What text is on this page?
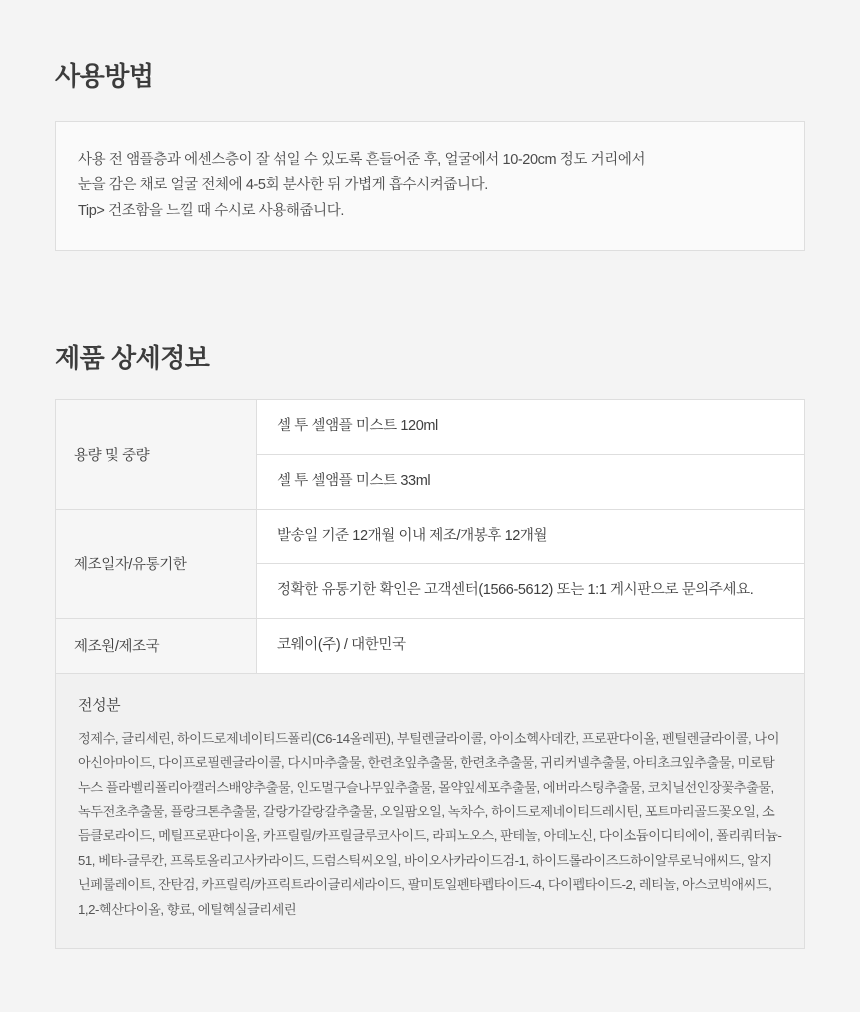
사용방법
사용 전 앰플층과 에센스층이 잘 섞일 수 있도록 흔들어준 후, 얼굴에서 10-20cm 정도 거리에서
눈을 감은 채로 얼굴 전체에 4-5회 분사한 뒤 가볍게 흡수시켜줍니다.
Tip> 건조함을 느낄 때 수시로 사용해줍니다.
제품 상세정보
용량 및 중량	셀 투 셀앰플 미스트 120ml
	셀 투 셀앰플 미스트 33ml
제조일자/유통기한	발송일 기준 12개월 이내 제조/개봉후 12개월
	정확한 유통기한 확인은 고객센터(1566-5612) 또는 1:1 게시판으로 문의주세요.
제조원/제조국	코웨이(주) / 대한민국
전성분
정제수, 글리세린, 하이드로제네이티드폴리(C6-14올레핀), 부틸렌글라이콜, 아이소헥사데칸, 프로판다이올, 펜틸렌글라이콜, 나이아신아마이드, 다이프로필렌글라이콜, 다시마추출물, 한련초잎추출물, 한련초추출물, 귀리커넬추출물, 아티초크잎추출물, 미로탐누스 플라벨리폴리아캘러스배양추출물, 인도멀구슬나무잎추출물, 몰약잎세포추출물, 에버라스팅추출물, 코치닐선인장꽃추출물, 녹두전초추출물, 플랑크톤추출물, 갈랑가갈랑갈추출물, 오일팜오일, 녹차수, 하이드로제네이티드레시틴, 포트마리골드꽃오일, 소듬클로라이드, 메틸프로판다이올, 카프릴릴/카프릴글루코사이드, 라피노오스, 판테놀, 아데노신, 다이소듐이디티에이, 폴리쿼터늄-51, 베타-글루칸, 프록토올리고사카라이드, 드럼스틱씨오일, 바이오사카라이드검-1, 하이드롤라이즈드하이알루로닉애씨드, 알지닌페룰레이트, 잔탄검, 카프릴릭/카프릭트라이글리세라이드, 팔미토일펜타펩타이드-4, 다이펩타이드-2, 레티놀, 아스코빅애씨드, 1,2-헥산다이올, 향료, 에틸헥실글리세린
